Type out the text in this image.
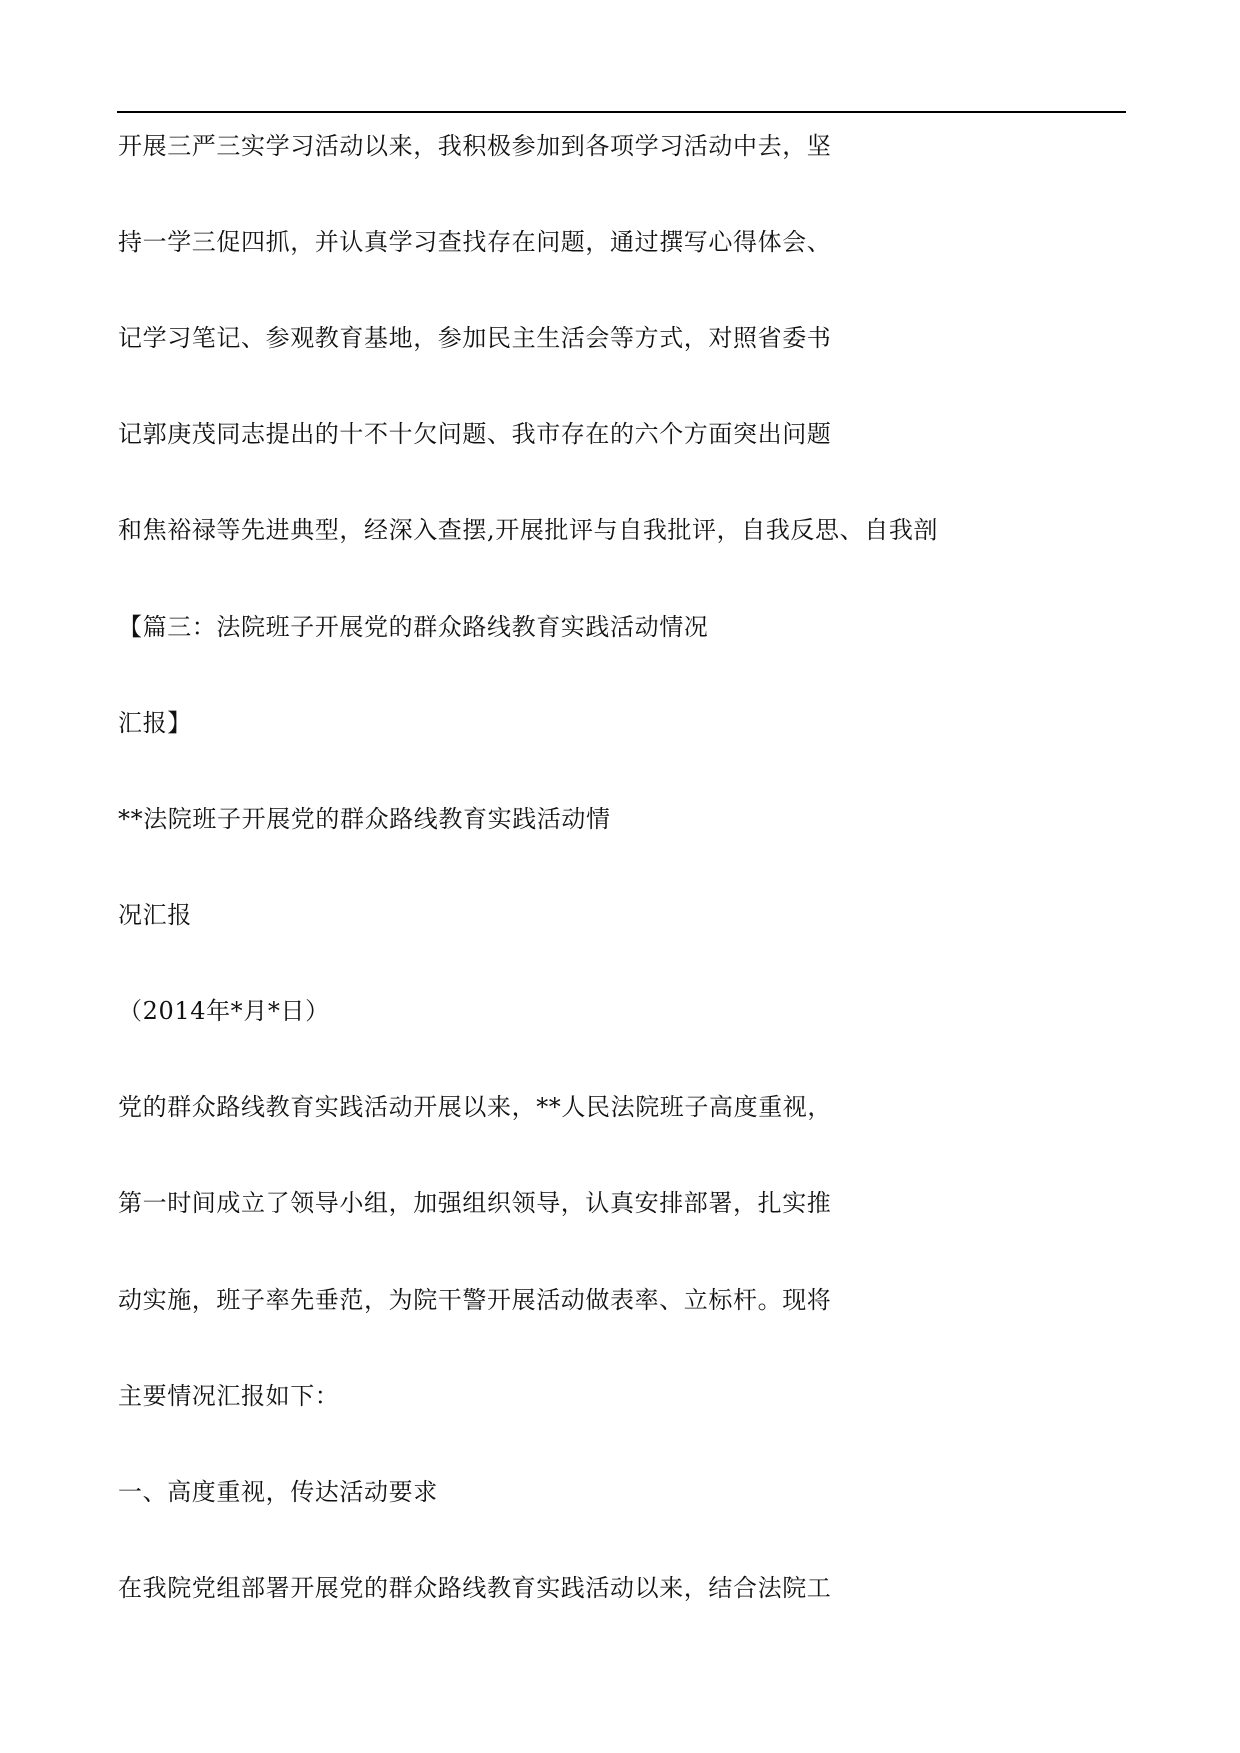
开展三严三实学习活动以来，我积极参加到各项学习活动中去，坚

持一学三促四抓，并认真学习查找存在问题，通过撰写心得体会、

记学习笔记、参观教育基地，参加民主生活会等方式，对照省委书

记郭庚茂同志提出的十不十欠问题、我市存在的六个方面突出问题

和焦裕禄等先进典型，经深入查摆,开展批评与自我批评，自我反思、自我剖

【篇三：法院班子开展党的群众路线教育实践活动情况

汇报】

**法院班子开展党的群众路线教育实践活动情

况汇报

（2014年*月*日）

党的群众路线教育实践活动开展以来，**人民法院班子高度重视，

第一时间成立了领导小组，加强组织领导，认真安排部署，扎实推

动实施，班子率先垂范，为院干警开展活动做表率、立标杆。现将

主要情况汇报如下：

一、高度重视，传达活动要求

在我院党组部署开展党的群众路线教育实践活动以来，结合法院工
